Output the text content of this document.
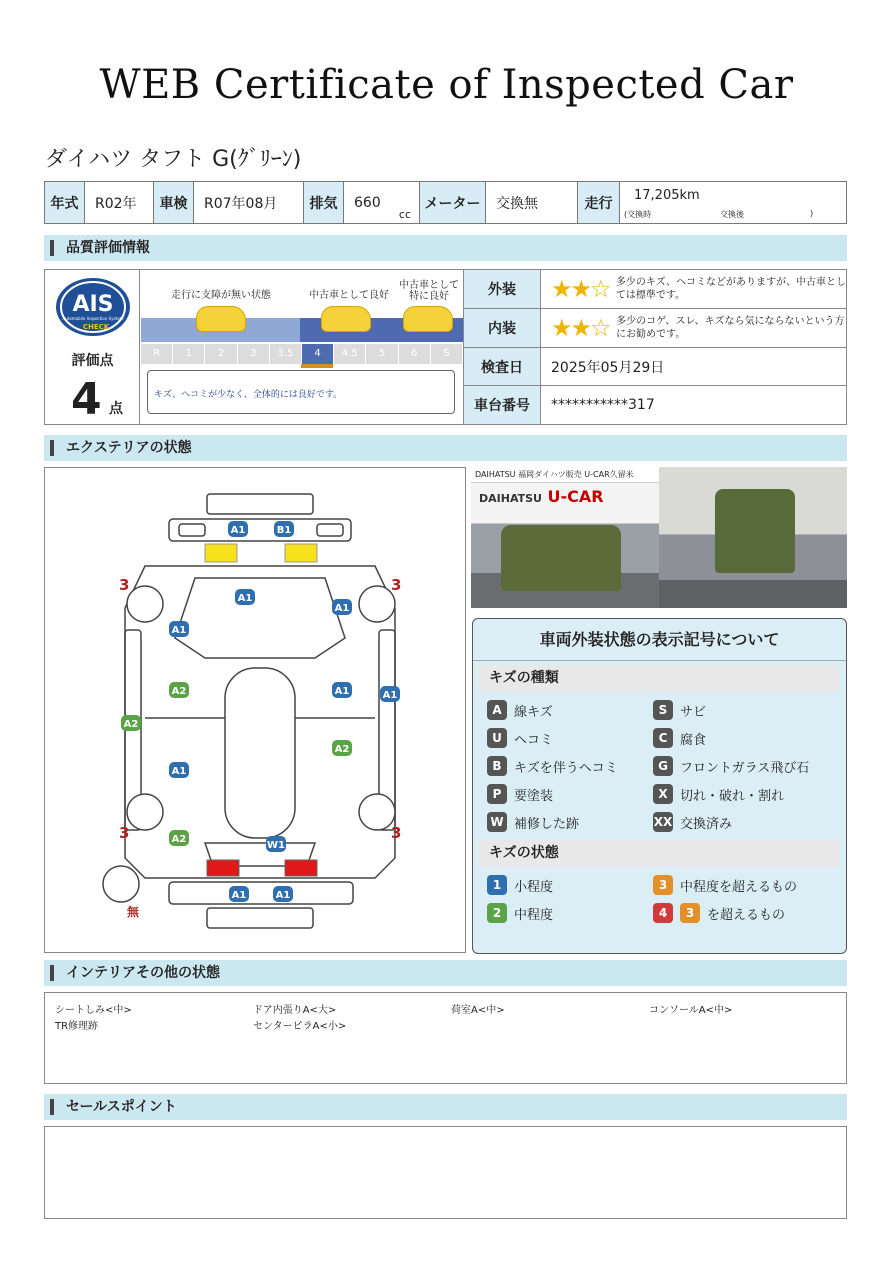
WEB Certificate of Inspected Car
ダイハツ タフト G(ｸﾞﾘｰﾝ)
年式	R02年	車検	R07年08月	排気	660
cc
メーター	交換無	走行	17,205km
(交換時	交換後	)
品質評価情報
AIS
Automobile Inspection System
CHECK
評価点
4 点
走行に支障が無い状態	中古車として良好
中古車として特に良好
R	1	2	3	3.5	4	4.5	5	6	S
キズ、ヘコミが少なく、全体的には良好です。
外装	★★☆ 多少のキズ、ヘコミなどがありますが、中古車としては標準です。
内装	★★☆ 多少のコゲ、スレ、キズなら気にならないという方にお勧めです。
検査日	2025年05月29日
車台番号	***********317
エクステリアの状態
3	3
3	3
無
A1	B1
A1
A1
A1
A2	A1	A1
A2
A2
A1
A2
W1
A1	A1
DAIHATSU 福岡ダイハツ販売 U-CAR久留米
DAIHATSU U-CAR
車両外装状態の表示記号について
キズの種類
A 線キズ	S サビ
U ヘコミ	C 腐食
B キズを伴うヘコミ	G フロントガラス飛び石
P 要塗装	X 切れ・破れ・割れ
W 補修した跡	XX 交換済み
キズの状態
1 小程度	3 中程度を超えるもの
2 中程度	4	3 を超えるもの
インテリアその他の状態
シートしみ<中>	ドア内張りA<大>	荷室A<中>	コンソールA<中>
TR修理跡	センターピラA<小>
セールスポイント
